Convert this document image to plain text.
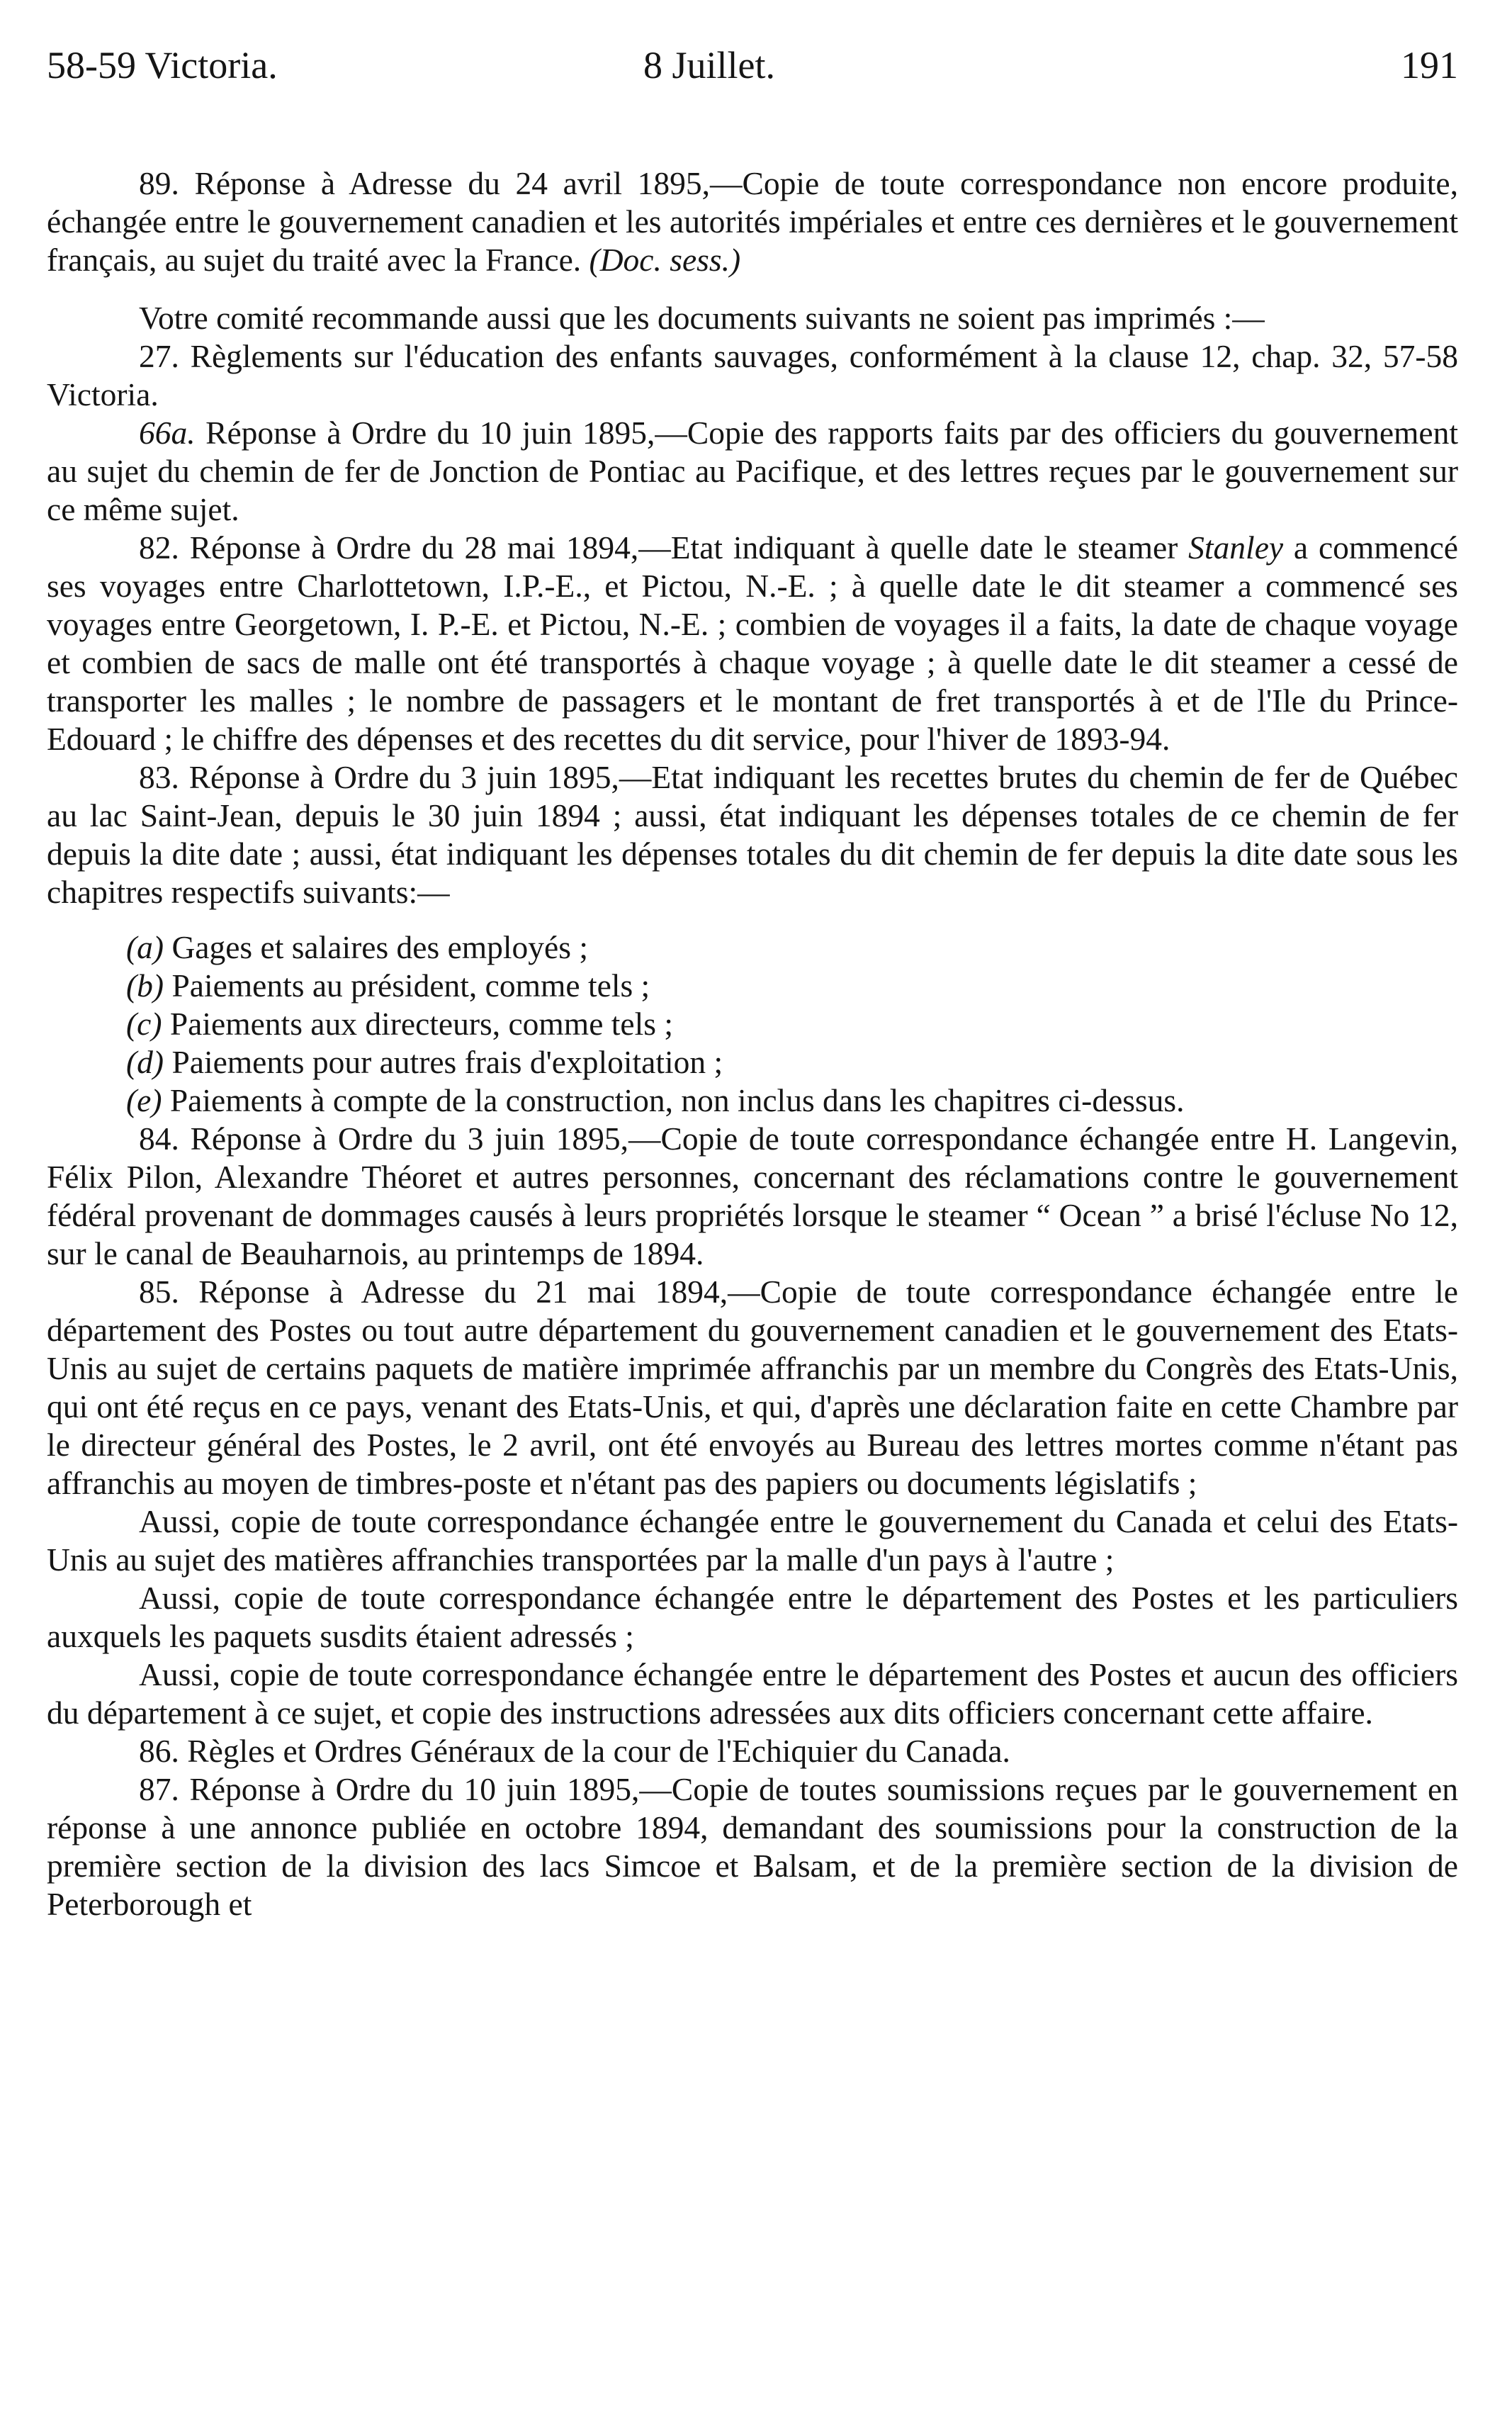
58-59 Victoria.	8 Juillet.	191

89. Réponse à Adresse du 24 avril 1895,—Copie de toute correspondance non encore produite, échangée entre le gouvernement canadien et les autorités impériales et entre ces dernières et le gouvernement français, au sujet du traité avec la France. (Doc. sess.)

Votre comité recommande aussi que les documents suivants ne soient pas imprimés :—

27. Règlements sur l'éducation des enfants sauvages, conformément à la clause 12, chap. 32, 57-58 Victoria.

66a. Réponse à Ordre du 10 juin 1895,—Copie des rapports faits par des officiers du gouvernement au sujet du chemin de fer de Jonction de Pontiac au Pacifique, et des lettres reçues par le gouvernement sur ce même sujet.

82. Réponse à Ordre du 28 mai 1894,—Etat indiquant à quelle date le steamer Stanley a commencé ses voyages entre Charlottetown, I.P.-E., et Pictou, N.-E. ; à quelle date le dit steamer a commencé ses voyages entre Georgetown, I. P.-E. et Pictou, N.-E. ; combien de voyages il a faits, la date de chaque voyage et combien de sacs de malle ont été transportés à chaque voyage ; à quelle date le dit steamer a cessé de transporter les malles ; le nombre de passagers et le montant de fret transportés à et de l'Ile du Prince-Edouard ; le chiffre des dépenses et des recettes du dit service, pour l'hiver de 1893-94.

83. Réponse à Ordre du 3 juin 1895,—Etat indiquant les recettes brutes du chemin de fer de Québec au lac Saint-Jean, depuis le 30 juin 1894 ; aussi, état indiquant les dépenses totales de ce chemin de fer depuis la dite date ; aussi, état indiquant les dépenses totales du dit chemin de fer depuis la dite date sous les chapitres respectifs suivants:—

(a) Gages et salaires des employés ;

(b) Paiements au président, comme tels ;

(c) Paiements aux directeurs, comme tels ;

(d) Paiements pour autres frais d'exploitation ;

(e) Paiements à compte de la construction, non inclus dans les chapitres ci-dessus.

84. Réponse à Ordre du 3 juin 1895,—Copie de toute correspondance échangée entre H. Langevin, Félix Pilon, Alexandre Théoret et autres personnes, concernant des réclamations contre le gouvernement fédéral provenant de dommages causés à leurs propriétés lorsque le steamer “ Ocean ” a brisé l'écluse No 12, sur le canal de Beauharnois, au printemps de 1894.

85. Réponse à Adresse du 21 mai 1894,—Copie de toute correspondance échangée entre le département des Postes ou tout autre département du gouvernement canadien et le gouvernement des Etats-Unis au sujet de certains paquets de matière imprimée affranchis par un membre du Congrès des Etats-Unis, qui ont été reçus en ce pays, venant des Etats-Unis, et qui, d'après une déclaration faite en cette Chambre par le directeur général des Postes, le 2 avril, ont été envoyés au Bureau des lettres mortes comme n'étant pas affranchis au moyen de timbres-poste et n'étant pas des papiers ou documents législatifs ;

Aussi, copie de toute correspondance échangée entre le gouvernement du Canada et celui des Etats-Unis au sujet des matières affranchies transportées par la malle d'un pays à l'autre ;

Aussi, copie de toute correspondance échangée entre le département des Postes et les particuliers auxquels les paquets susdits étaient adressés ;

Aussi, copie de toute correspondance échangée entre le département des Postes et aucun des officiers du département à ce sujet, et copie des instructions adressées aux dits officiers concernant cette affaire.

86. Règles et Ordres Généraux de la cour de l'Echiquier du Canada.

87. Réponse à Ordre du 10 juin 1895,—Copie de toutes soumissions reçues par le gouvernement en réponse à une annonce publiée en octobre 1894, demandant des soumissions pour la construction de la première section de la division des lacs Simcoe et Balsam, et de la première section de la division de Peterborough et
